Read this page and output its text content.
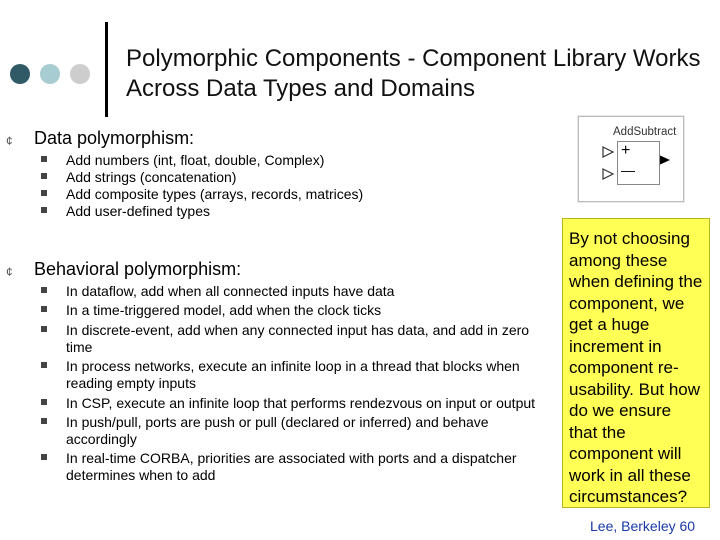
Polymorphic Components - Component Library Works Across Data Types and Domains
¢ Data polymorphism:
Add numbers (int, float, double, Complex)
Add strings (concatenation)
Add composite types (arrays, records, matrices)
Add user-defined types
¢ Behavioral polymorphism:
In dataflow, add when all connected inputs have data
In a time-triggered model, add when the clock ticks
In discrete-event, add when any connected input has data, and add in zero time
In process networks, execute an infinite loop in a thread that blocks when reading empty inputs
In CSP, execute an infinite loop that performs rendezvous on input or output
In push/pull, ports are push or pull (declared or inferred) and behave accordingly
In real-time CORBA, priorities are associated with ports and a dispatcher determines when to add
AddSubtract
+
—
By not choosing among these when defining the component, we get a huge increment in component re-usability. But how do we ensure that the component will work in all these circumstances?
Lee, Berkeley 60
